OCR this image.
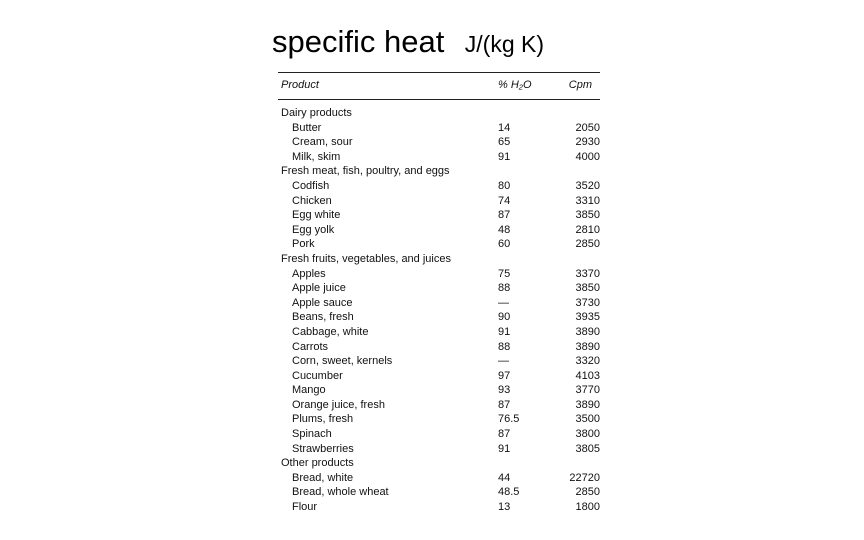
specific heat J/(kg K)
Product	% H₂O	Cpm
Dairy products
Butter	14	2050
Cream, sour	65	2930
Milk, skim	91	4000
Fresh meat, fish, poultry, and eggs
Codfish	80	3520
Chicken	74	3310
Egg white	87	3850
Egg yolk	48	2810
Pork	60	2850
Fresh fruits, vegetables, and juices
Apples	75	3370
Apple juice	88	3850
Apple sauce	—	3730
Beans, fresh	90	3935
Cabbage, white	91	3890
Carrots	88	3890
Corn, sweet, kernels	—	3320
Cucumber	97	4103
Mango	93	3770
Orange juice, fresh	87	3890
Plums, fresh	76.5	3500
Spinach	87	3800
Strawberries	91	3805
Other products
Bread, white	44	22720
Bread, whole wheat	48.5	2850
Flour	13	1800
